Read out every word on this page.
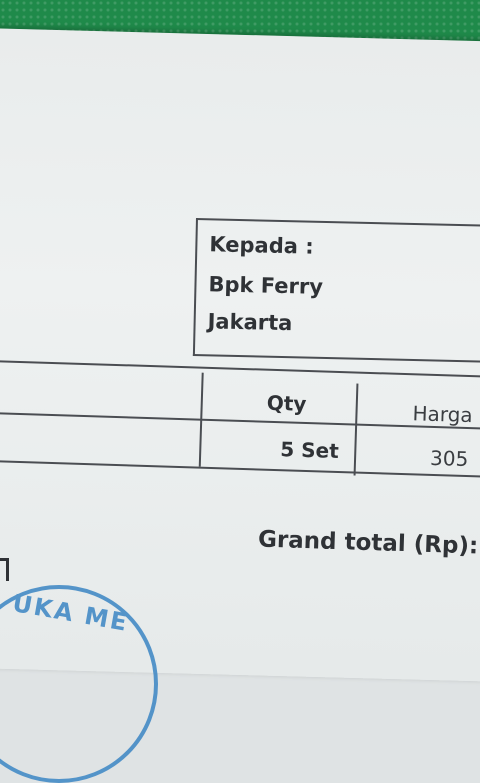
Kepada :
Bpk Ferry
Jakarta
Qty	Harga
5 Set	305
Grand total (Rp):
UKA ME
